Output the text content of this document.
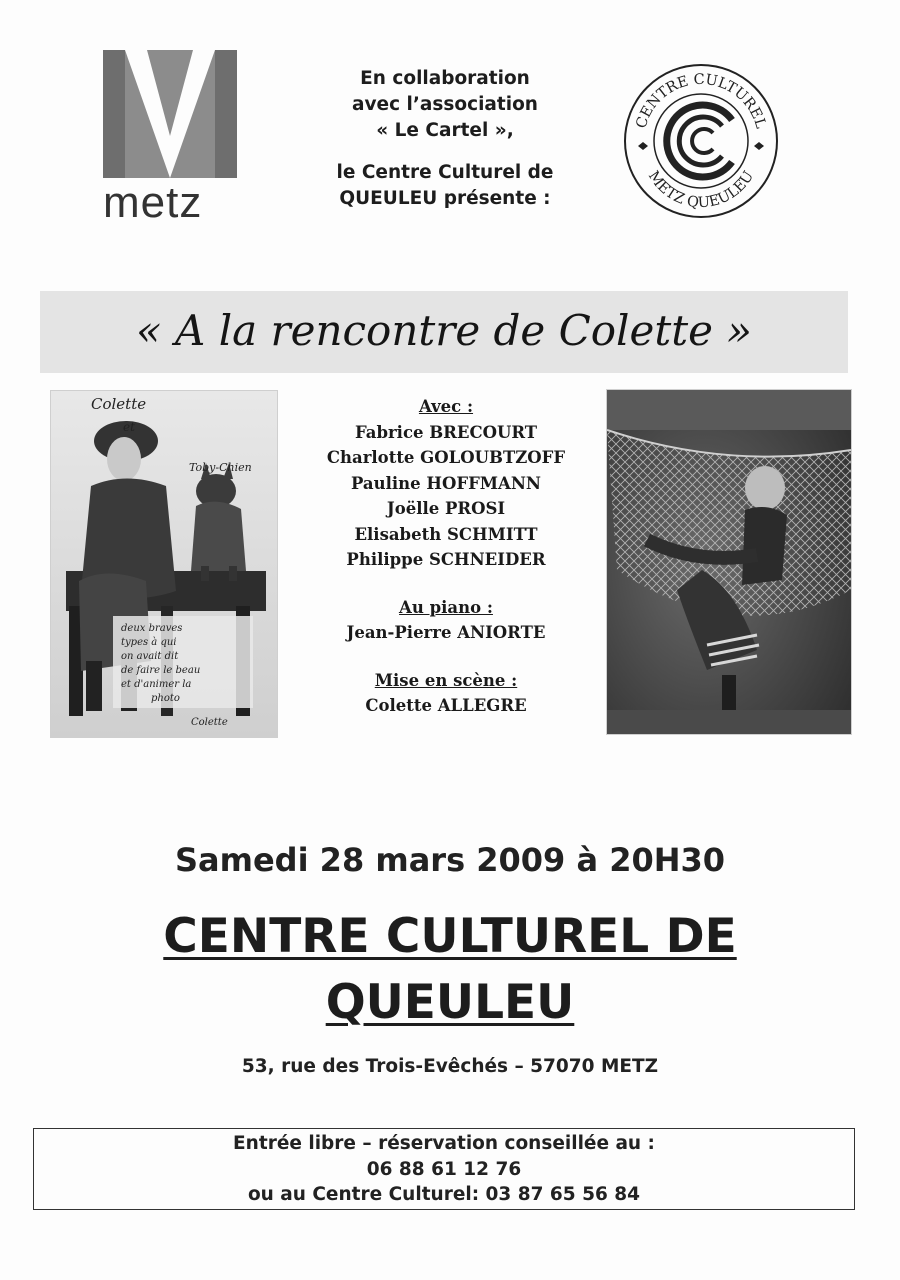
metz

En collaboration

avec l’association

« Le Cartel »,

le Centre Culturel de

QUEULEU présente :

CENTRE CULTUREL
METZ QUEULEU
« A la rencontre de Colette »
Colette
et
Toby-Chien
deux braves
types à qui
on avait dit
de faire le beau
et d'animer la
photo
Colette
Avec :
Fabrice BRECOURT
Charlotte GOLOUBTZOFF
Pauline HOFFMANN
Joëlle PROSI
Elisabeth SCHMITT
Philippe SCHNEIDER
Au piano :
Jean-Pierre ANIORTE
Mise en scène :
Colette ALLEGRE
Samedi 28 mars 2009 à 20H30
CENTRE CULTUREL DE
QUEULEU
53, rue des Trois-Evêchés – 57070 METZ
Entrée libre – réservation conseillée au :
06 88 61 12 76
ou au Centre Culturel: 03 87 65 56 84
